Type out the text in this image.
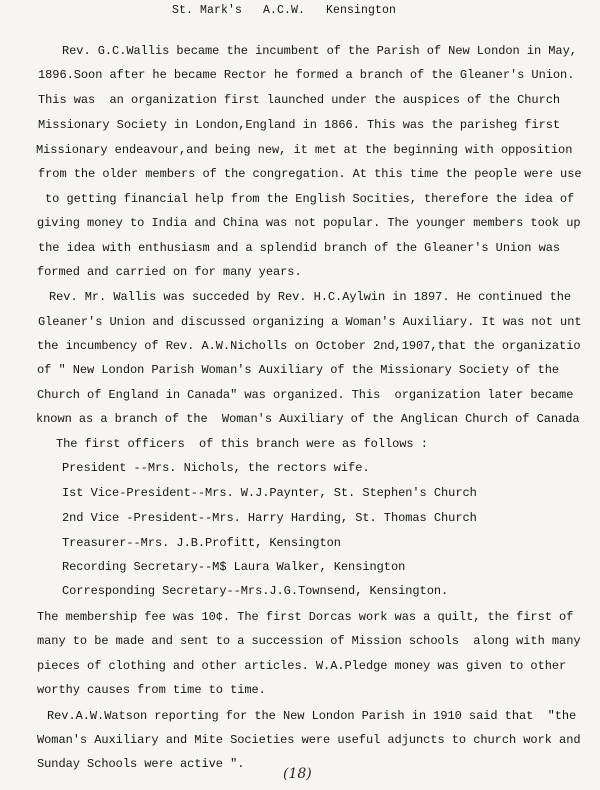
St. Mark's   A.C.W.   Kensington
Rev. G.C.Wallis became the incumbent of the Parish of New London in May,
1896.Soon after he became Rector he formed a branch of the Gleaner's Union.
This was  an organization first launched under the auspices of the Church
Missionary Society in London,England in 1866. This was the parisheg first
Missionary endeavour,and being new, it met at the beginning with opposition
from the older members of the congregation. At this time the people were use
to getting financial help from the English Socities, therefore the idea of
giving money to India and China was not popular. The younger members took up
the idea with enthusiasm and a splendid branch of the Gleaner's Union was
formed and carried on for many years.
Rev. Mr. Wallis was succeded by Rev. H.C.Aylwin in 1897. He continued the
Gleaner's Union and discussed organizing a Woman's Auxiliary. It was not unt
the incumbency of Rev. A.W.Nicholls on October 2nd,1907,that the organizatio
of " New London Parish Woman's Auxiliary of the Missionary Society of the
Church of England in Canada" was organized. This  organization later became
known as a branch of the  Woman's Auxiliary of the Anglican Church of Canada
The first officers  of this branch were as follows :
President --Mrs. Nichols, the rectors wife.
Ist Vice-President--Mrs. W.J.Paynter, St. Stephen's Church
2nd Vice -President--Mrs. Harry Harding, St. Thomas Church
Treasurer--Mrs. J.B.Profitt, Kensington
Recording Secretary--M$ Laura Walker, Kensington
Corresponding Secretary--Mrs.J.G.Townsend, Kensington.
The membership fee was 10¢. The first Dorcas work was a quilt, the first of
many to be made and sent to a succession of Mission schools  along with many
pieces of clothing and other articles. W.A.Pledge money was given to other
worthy causes from time to time.
Rev.A.W.Watson reporting for the New London Parish in 1910 said that  "the
Woman's Auxiliary and Mite Societies were useful adjuncts to church work and
Sunday Schools were active ".
(18)
